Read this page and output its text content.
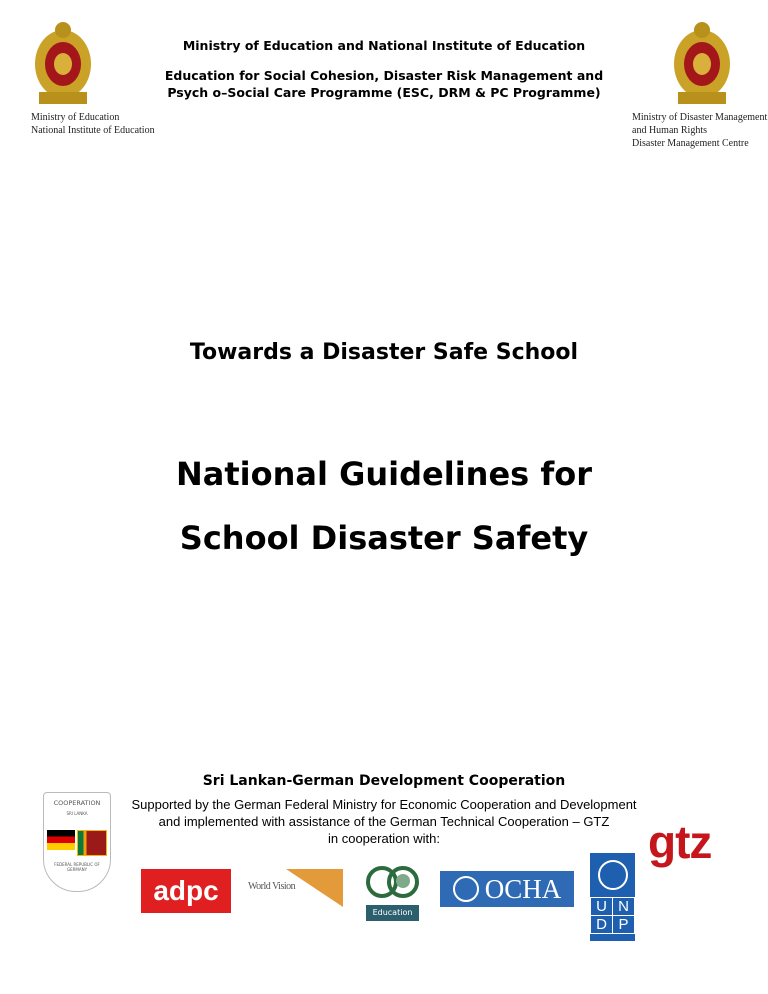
Ministry of Education and National Institute of Education
Education for Social Cohesion, Disaster Risk Management and
Psych o–Social Care Programme (ESC, DRM & PC Programme)
Ministry of Education
National Institute of Education
Ministry of Disaster Management
and Human Rights
Disaster Management Centre
Towards a Disaster Safe School
National Guidelines for
School Disaster Safety
Sri Lankan-German Development Cooperation
Supported by the German Federal Ministry for Economic Cooperation and Development
and implemented with assistance of the German Technical Cooperation – GTZ
in cooperation with:
COOPERATION
SRI LANKA
FEDERAL REPUBLIC OF
GERMANY
adpc	World Vision
Education
OCHA
U N
D P
gtz
